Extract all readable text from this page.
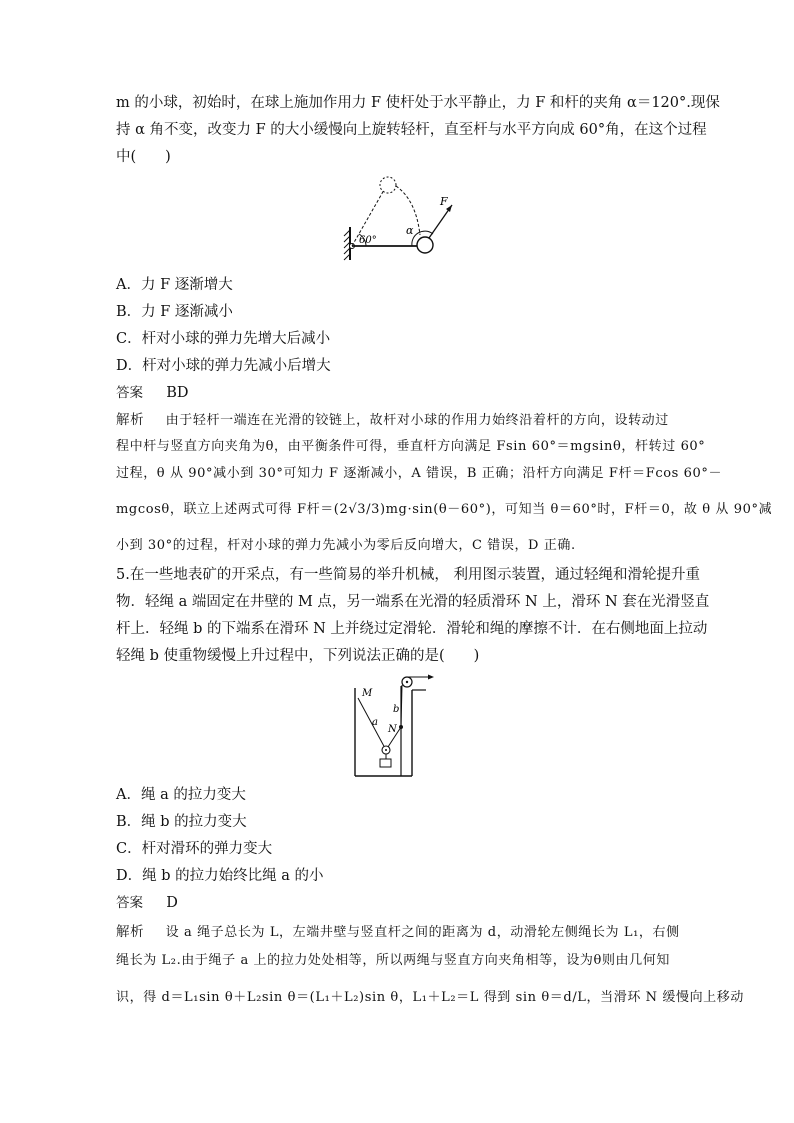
m 的小球，初始时，在球上施加作用力 F 使杆处于水平静止，力 F 和杆的夹角 α＝120°.现保
持 α 角不变，改变力 F 的大小缓慢向上旋转轻杆，直至杆与水平方向成 60°角，在这个过程
中(　　)
60°
F
α
A．力 F 逐渐增大
B．力 F 逐渐减小
C．杆对小球的弹力先增大后减小
D．杆对小球的弹力先减小后增大
答案 BD
解析 由于轻杆一端连在光滑的铰链上，故杆对小球的作用力始终沿着杆的方向，设转动过
程中杆与竖直方向夹角为θ，由平衡条件可得，垂直杆方向满足 Fsin 60°＝mgsinθ，杆转过 60°
过程，θ 从 90°减小到 30°可知力 F 逐渐减小，A 错误，B 正确；沿杆方向满足 F杆＝Fcos 60°－
mgcosθ，联立上述两式可得 F杆＝(2√3/3)mg·sin(θ－60°)，可知当 θ＝60°时，F杆＝0，故 θ 从 90°减
小到 30°的过程，杆对小球的弹力先减小为零后反向增大，C 错误，D 正确.
5.在一些地表矿的开采点，有一些简易的举升机械， 利用图示装置，通过轻绳和滑轮提升重
物．轻绳 a 端固定在井壁的 M 点，另一端系在光滑的轻质滑环 N 上，滑环 N 套在光滑竖直
杆上．轻绳 b 的下端系在滑环 N 上并绕过定滑轮．滑轮和绳的摩擦不计．在右侧地面上拉动
轻绳 b 使重物缓慢上升过程中，下列说法正确的是(　　)
M
a
b
N
A．绳 a 的拉力变大
B．绳 b 的拉力变大
C．杆对滑环的弹力变大
D．绳 b 的拉力始终比绳 a 的小
答案 D
解析 设 a 绳子总长为 L，左端井壁与竖直杆之间的距离为 d，动滑轮左侧绳长为 L₁，右侧
绳长为 L₂.由于绳子 a 上的拉力处处相等，所以两绳与竖直方向夹角相等，设为θ则由几何知
识，得 d＝L₁sin θ＋L₂sin θ＝(L₁＋L₂)sin θ，L₁＋L₂＝L 得到 sin θ＝d/L，当滑环 N 缓慢向上移动
